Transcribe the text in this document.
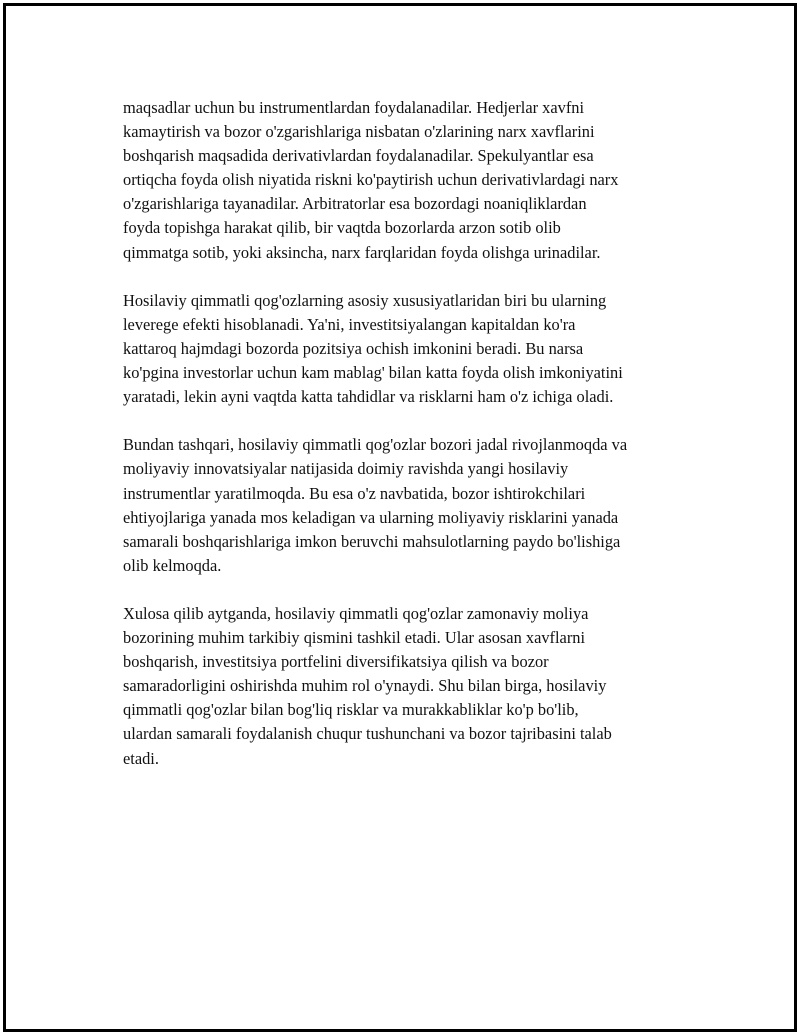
maqsadlar uchun bu instrumentlardan foydalanadilar. Hedjerlar xavfni
kamaytirish va bozor o'zgarishlariga nisbatan o'zlarining narx xavflarini
boshqarish maqsadida derivativlardan foydalanadilar. Spekulyantlar esa
ortiqcha foyda olish niyatida riskni ko'paytirish uchun derivativlardagi narx
o'zgarishlariga tayanadilar. Arbitratorlar esa bozordagi noaniqliklardan
foyda topishga harakat qilib, bir vaqtda bozorlarda arzon sotib olib
qimmatga sotib, yoki aksincha, narx farqlaridan foyda olishga urinadilar.

Hosilaviy qimmatli qog'ozlarning asosiy xususiyatlaridan biri bu ularning
leverege efekti hisoblanadi. Ya'ni, investitsiyalangan kapitaldan ko'ra
kattaroq hajmdagi bozorda pozitsiya ochish imkonini beradi. Bu narsa
ko'pgina investorlar uchun kam mablag' bilan katta foyda olish imkoniyatini
yaratadi, lekin ayni vaqtda katta tahdidlar va risklarni ham o'z ichiga oladi.

Bundan tashqari, hosilaviy qimmatli qog'ozlar bozori jadal rivojlanmoqda va
moliyaviy innovatsiyalar natijasida doimiy ravishda yangi hosilaviy
instrumentlar yaratilmoqda. Bu esa o'z navbatida, bozor ishtirokchilari
ehtiyojlariga yanada mos keladigan va ularning moliyaviy risklarini yanada
samarali boshqarishlariga imkon beruvchi mahsulotlarning paydo bo'lishiga
olib kelmoqda.

Xulosa qilib aytganda, hosilaviy qimmatli qog'ozlar zamonaviy moliya
bozorining muhim tarkibiy qismini tashkil etadi. Ular asosan xavflarni
boshqarish, investitsiya portfelini diversifikatsiya qilish va bozor
samaradorligini oshirishda muhim rol o'ynaydi. Shu bilan birga, hosilaviy
qimmatli qog'ozlar bilan bog'liq risklar va murakkabliklar ko'p bo'lib,
ulardan samarali foydalanish chuqur tushunchani va bozor tajribasini talab
etadi.
